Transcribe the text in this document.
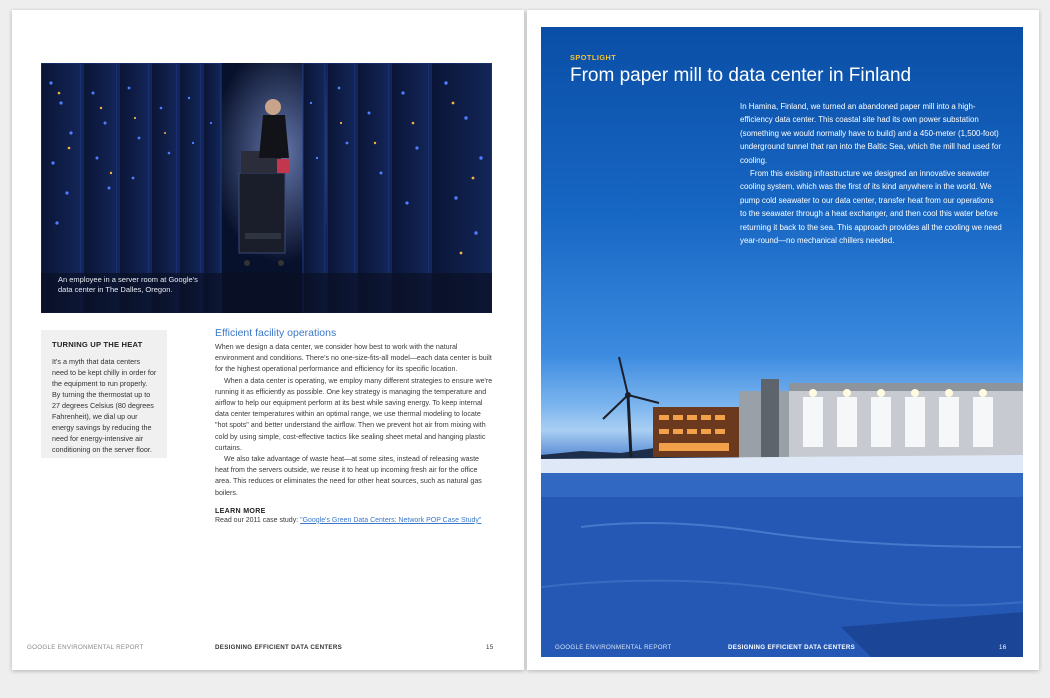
An employee in a server room at Google's data center in The Dalles, Oregon.

TURNING UP THE HEAT

It's a myth that data centers need to be kept chilly in order for the equipment to run properly. By turning the thermostat up to 27 degrees Celsius (80 degrees Fahrenheit), we dial up our energy savings by reducing the need for energy-intensive air conditioning on the server floor.

Efficient facility operations

When we design a data center, we consider how best to work with the natural environment and conditions. There's no one-size-fits-all model—each data center is built for the highest operational performance and efficiency for its specific location.

When a data center is operating, we employ many different strategies to ensure we're running it as efficiently as possible. One key strategy is managing the temperature and airflow to help our equipment perform at its best while saving energy. To keep internal data center temperatures within an optimal range, we use thermal modeling to locate "hot spots" and better understand the airflow. Then we prevent hot air from mixing with cold by using simple, cost-effective tactics like sealing sheet metal and hanging plastic curtains.

We also take advantage of waste heat—at some sites, instead of releasing waste heat from the servers outside, we reuse it to heat up incoming fresh air for the office area. This reduces or eliminates the need for other heat sources, such as natural gas boilers.

LEARN MORE

Read our 2011 case study: "Google's Green Data Centers: Network POP Case Study"

GOOGLE ENVIRONMENTAL REPORT	DESIGNING EFFICIENT DATA CENTERS	15
SPOTLIGHT
From paper mill to data center in Finland

In Hamina, Finland, we turned an abandoned paper mill into a high-efficiency data center. This coastal site had its own power substation (something we would normally have to build) and a 450-meter (1,500-foot) underground tunnel that ran into the Baltic Sea, which the mill had used for cooling.

From this existing infrastructure we designed an innovative seawater cooling system, which was the first of its kind anywhere in the world. We pump cold seawater to our data center, transfer heat from our operations to the seawater through a heat exchanger, and then cool this water before returning it back to the sea. This approach provides all the cooling we need year-round—no mechanical chillers needed.

GOOGLE ENVIRONMENTAL REPORT	DESIGNING EFFICIENT DATA CENTERS	16
